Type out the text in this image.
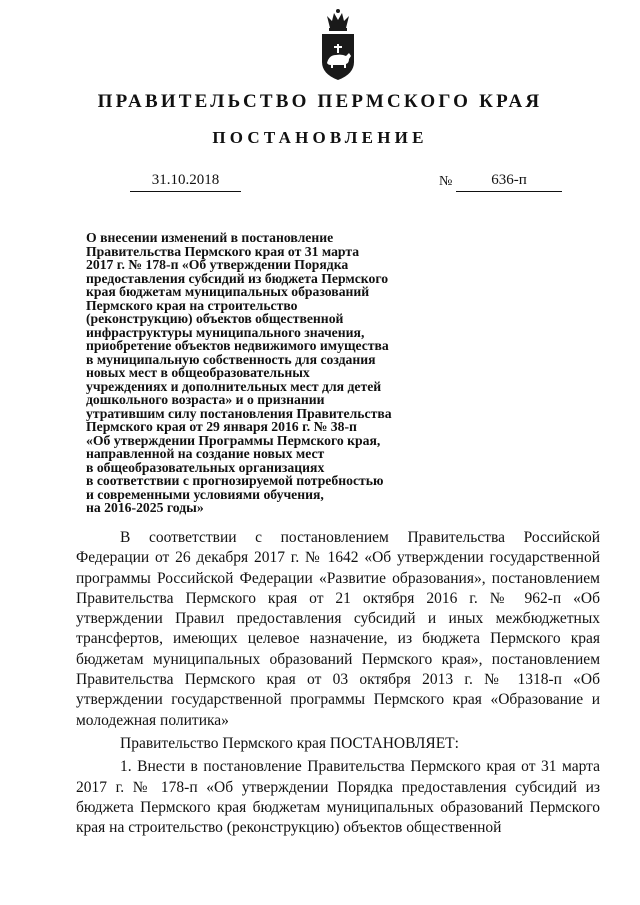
ПРАВИТЕЛЬСТВО ПЕРМСКОГО КРАЯ
ПОСТАНОВЛЕНИЕ
31.10.2018	№	636-п
О внесении изменений в постановление
Правительства Пермского края от 31 марта
2017 г. № 178-п «Об утверждении Порядка
предоставления субсидий из бюджета Пермского
края бюджетам муниципальных образований
Пермского края на строительство
(реконструкцию) объектов общественной
инфраструктуры муниципального значения,
приобретение объектов недвижимого имущества
в муниципальную собственность для создания
новых мест в общеобразовательных
учреждениях и дополнительных мест для детей
дошкольного возраста» и о признании
утратившим силу постановления Правительства
Пермского края от 29 января 2016 г. № 38-п
«Об утверждении Программы Пермского края,
направленной на создание новых мест
в общеобразовательных организациях
в соответствии с прогнозируемой потребностью
и современными условиями обучения,
на 2016-2025 годы»

В соответствии с постановлением Правительства Российской Федерации от 26 декабря 2017 г. № 1642 «Об утверждении государственной программы Российской Федерации «Развитие образования», постановлением Правительства Пермского края от 21 октября 2016 г. № 962-п «Об утверждении Правил предоставления субсидий и иных межбюджетных трансфертов, имеющих целевое назначение, из бюджета Пермского края бюджетам муниципальных образований Пермского края», постановлением Правительства Пермского края от 03 октября 2013 г. № 1318-п «Об утверждении государственной программы Пермского края «Образование и молодежная политика»

Правительство Пермского края ПОСТАНОВЛЯЕТ:

1. Внести в постановление Правительства Пермского края от 31 марта 2017 г. № 178-п «Об утверждении Порядка предоставления субсидий из бюджета Пермского края бюджетам муниципальных образований Пермского края на строительство (реконструкцию) объектов общественной
